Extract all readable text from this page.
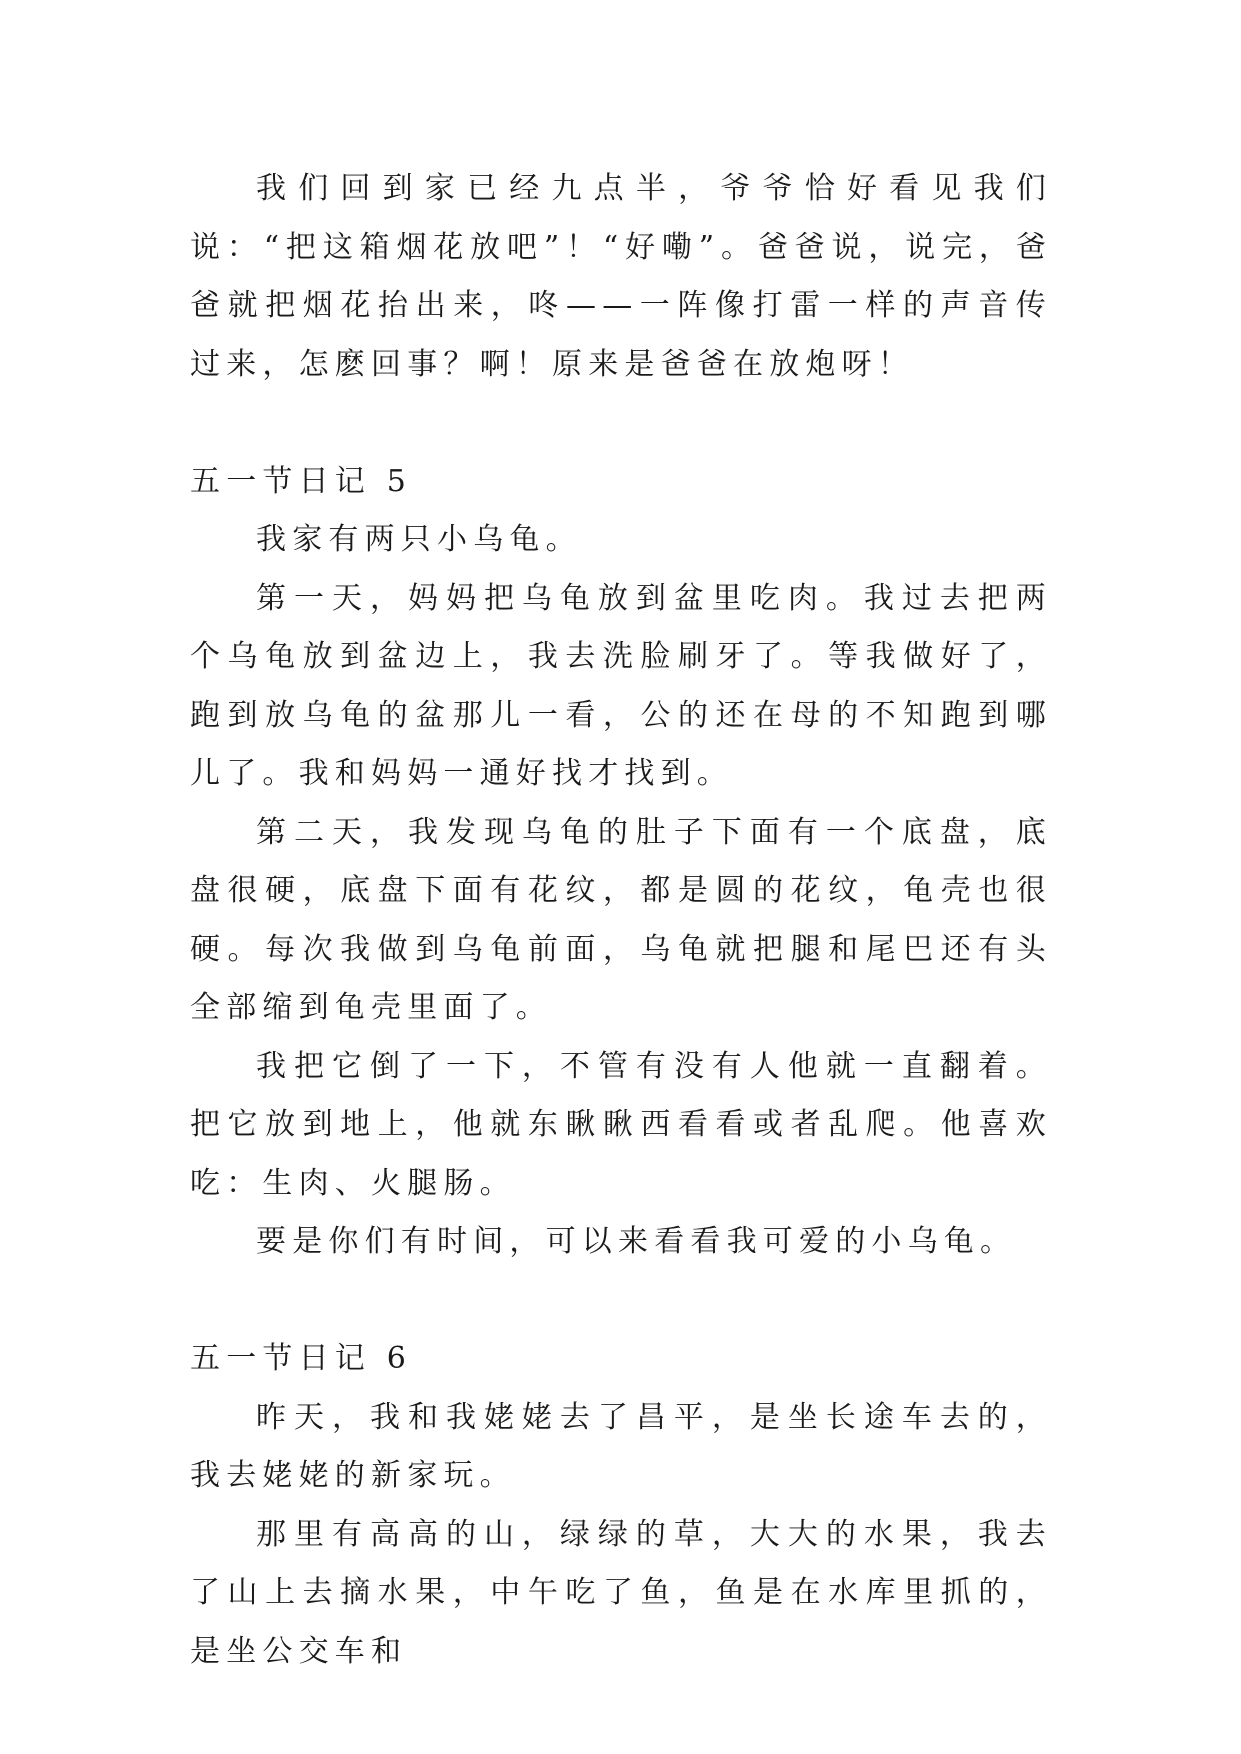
我们回到家已经九点半，爷爷恰好看见我们说：“把这箱烟花放吧”！“好嘞”。爸爸说，说完，爸爸就把烟花抬出来，咚——一阵像打雷一样的声音传过来，怎麽回事？啊！原来是爸爸在放炮呀！

五一节日记 5

我家有两只小乌龟。

第一天，妈妈把乌龟放到盆里吃肉。我过去把两个乌龟放到盆边上，我去洗脸刷牙了。等我做好了，跑到放乌龟的盆那儿一看，公的还在母的不知跑到哪儿了。我和妈妈一通好找才找到。

第二天，我发现乌龟的肚子下面有一个底盘，底盘很硬，底盘下面有花纹，都是圆的花纹，龟壳也很硬。每次我做到乌龟前面，乌龟就把腿和尾巴还有头全部缩到龟壳里面了。

我把它倒了一下，不管有没有人他就一直翻着。把它放到地上，他就东瞅瞅西看看或者乱爬。他喜欢吃：生肉、火腿肠。

要是你们有时间，可以来看看我可爱的小乌龟。

五一节日记 6

昨天，我和我姥姥去了昌平，是坐长途车去的，我去姥姥的新家玩。

那里有高高的山，绿绿的草，大大的水果，我去了山上去摘水果，中午吃了鱼，鱼是在水库里抓的，是坐公交车和
